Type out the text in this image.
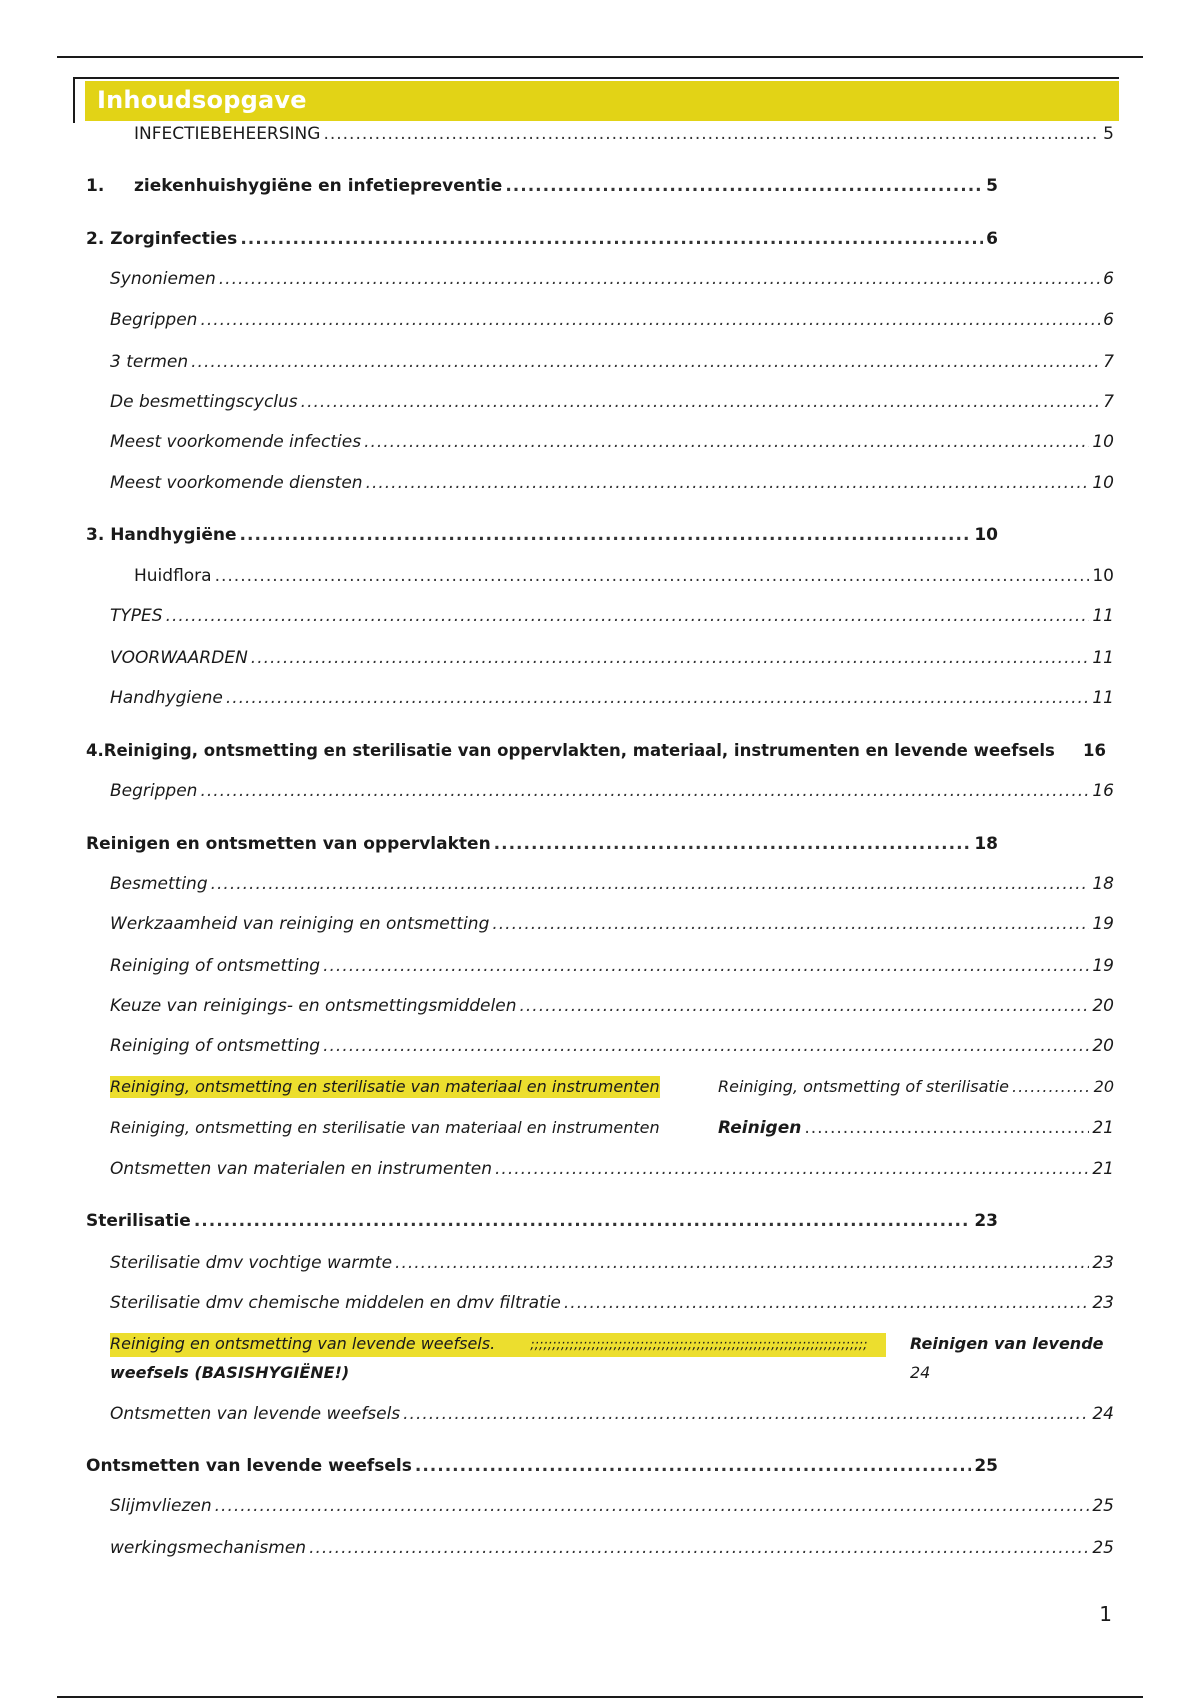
Inhoudsopgave
INFECTIEBEHEERSING .....	5
1. ziekenhuishygiëne en infetiepreventie .....	5
2. Zorginfecties .....	6
Synoniemen .....	6
Begrippen .....	6
3 termen .....	7
De besmettingscyclus .....	7
Meest voorkomende infecties .....	10
Meest voorkomende diensten .....	10
3. Handhygiëne .....	10
Huidflora .....	10
TYPES .....	11
VOORWAARDEN .....	11
Handhygiene .....	11
4.Reiniging, ontsmetting en sterilisatie van oppervlakten, materiaal, instrumenten en levende weefsels 16
Begrippen .....	16
Reinigen en ontsmetten van oppervlakten .....	18
Besmetting .....	18
Werkzaamheid van reiniging en ontsmetting .....	19
Reiniging of ontsmetting .....	19
Keuze van reinigings- en ontsmettingsmiddelen .....	20
Reiniging of ontsmetting .....	20
Reiniging, ontsmetting en sterilisatie van materiaal en instrumenten	Reiniging, ontsmetting of sterilisatie .....	20
Reiniging, ontsmetting en sterilisatie van materiaal en instrumenten	Reinigen .....	21
Ontsmetten van materialen en instrumenten .....	21
Sterilisatie .....	23
Sterilisatie dmv vochtige warmte .....	23
Sterilisatie dmv chemische middelen en dmv filtratie .....	23
Reiniging en ontsmetting van levende weefsels.	;;;;;;;;;;;;;;;;;;;;;;;;;;;;;;;;;;;;;;;;;;;;;;;;;;;;;;;;;;;;;;;;;;;;;;;;;;;;;	Reinigen van levende
weefsels (BASISHYGIËNE!)	24
Ontsmetten van levende weefsels .....	24
Ontsmetten van levende weefsels .....	25
Slijmvliezen .....	25
werkingsmechanismen .....	25
1
